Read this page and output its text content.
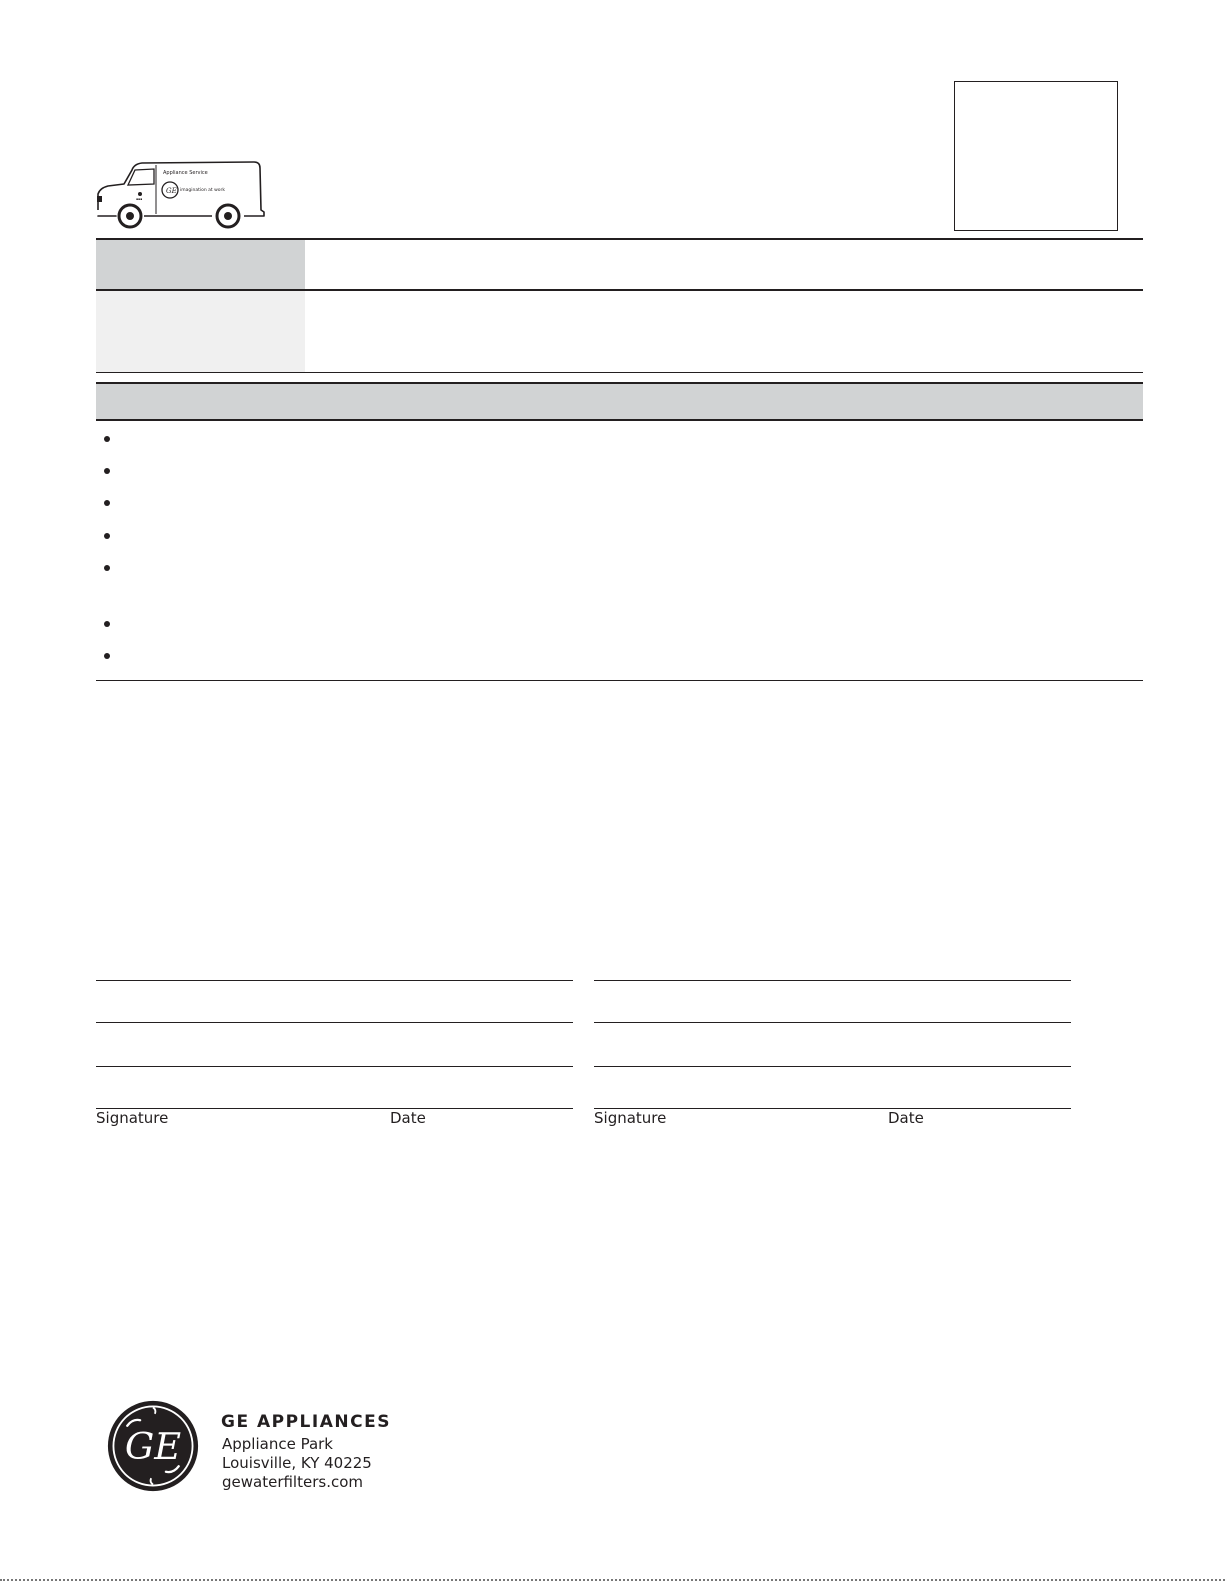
GE
Appliance Service
imagination at work
▪▪▪
Signature	Date	Signature	Date
GE
GE APPLIANCES
Appliance Park
Louisville, KY 40225
gewaterfilters.com
